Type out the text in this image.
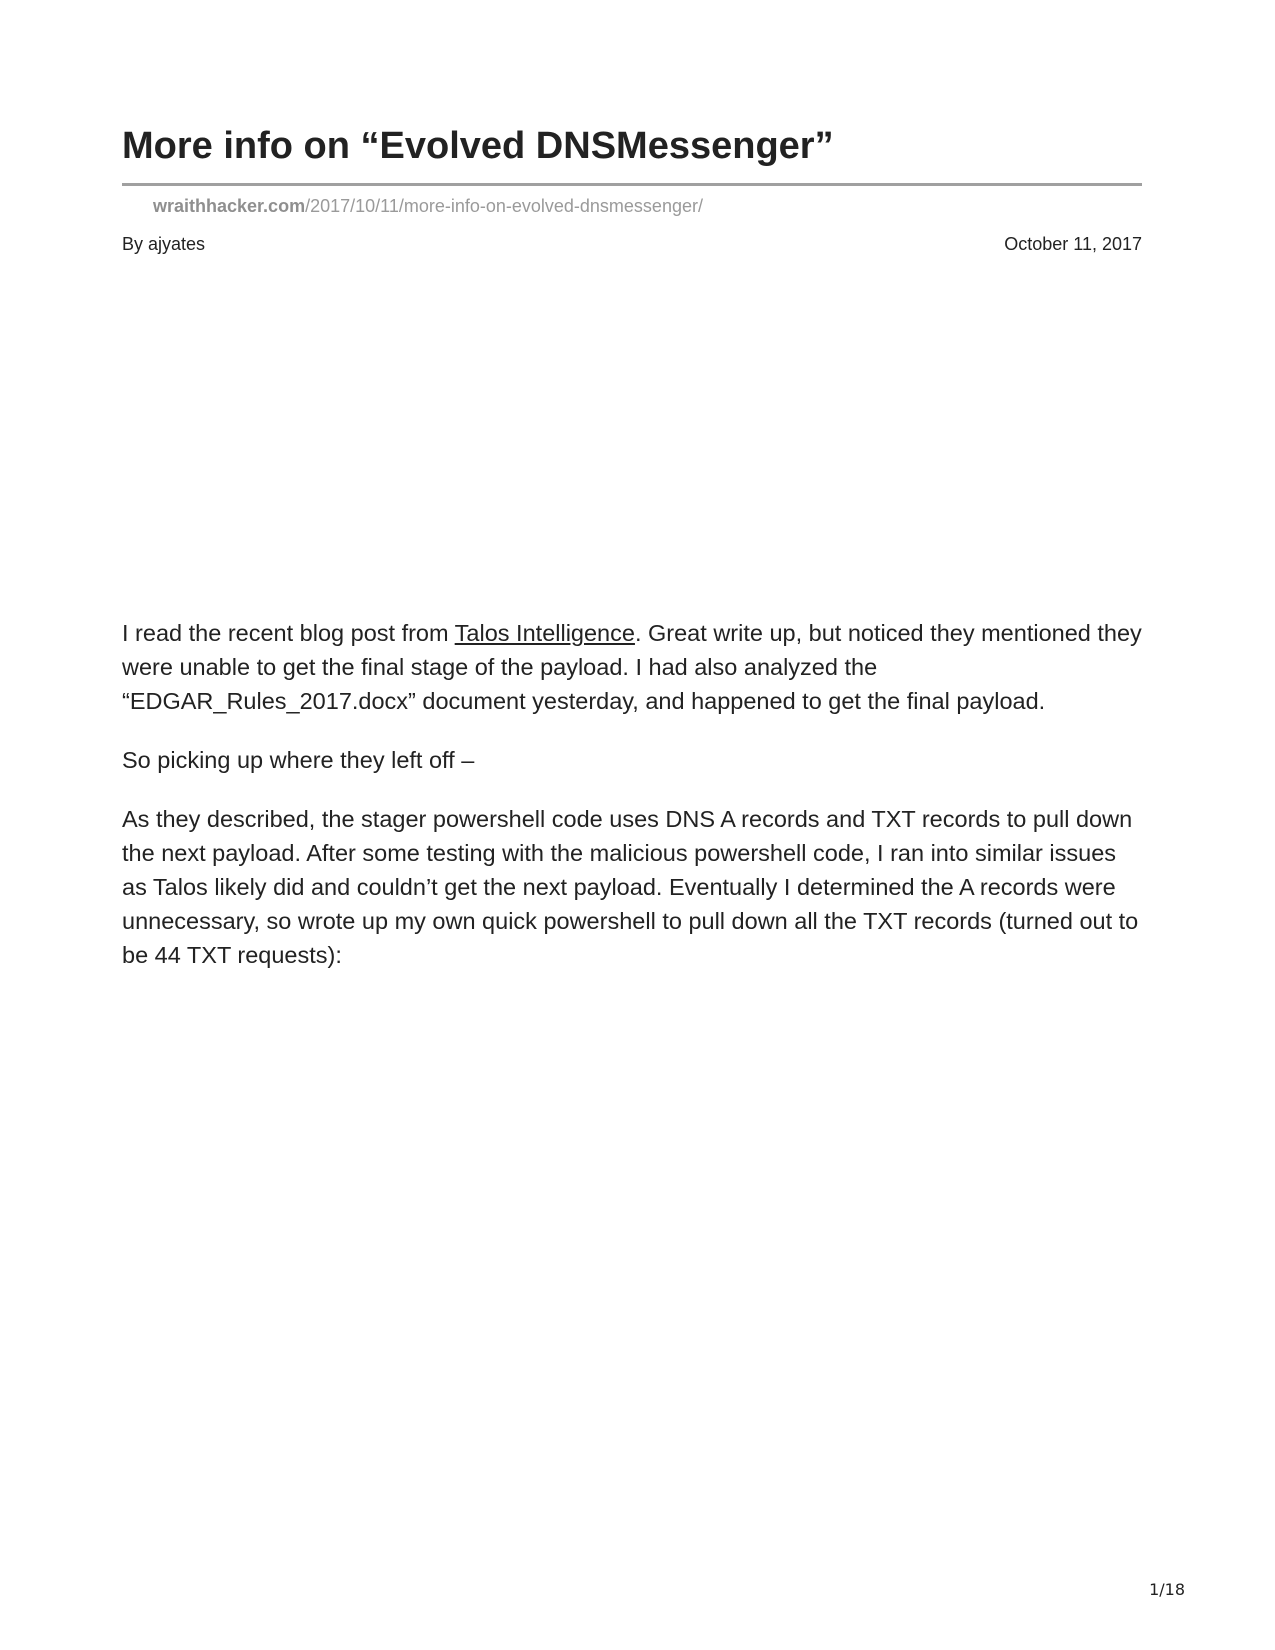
More info on “Evolved DNSMessenger”
wraithhacker.com/2017/10/11/more-info-on-evolved-dnsmessenger/
By ajyates	October 11, 2017

I read the recent blog post from Talos Intelligence. Great write up, but noticed they mentioned they were unable to get the final stage of the payload. I had also analyzed the “EDGAR_Rules_2017.docx” document yesterday, and happened to get the final payload.

So picking up where they left off –

As they described, the stager powershell code uses DNS A records and TXT records to pull down the next payload. After some testing with the malicious powershell code, I ran into similar issues as Talos likely did and couldn’t get the next payload. Eventually I determined the A records were unnecessary, so wrote up my own quick powershell to pull down all the TXT records (turned out to be 44 TXT requests):

1/18
